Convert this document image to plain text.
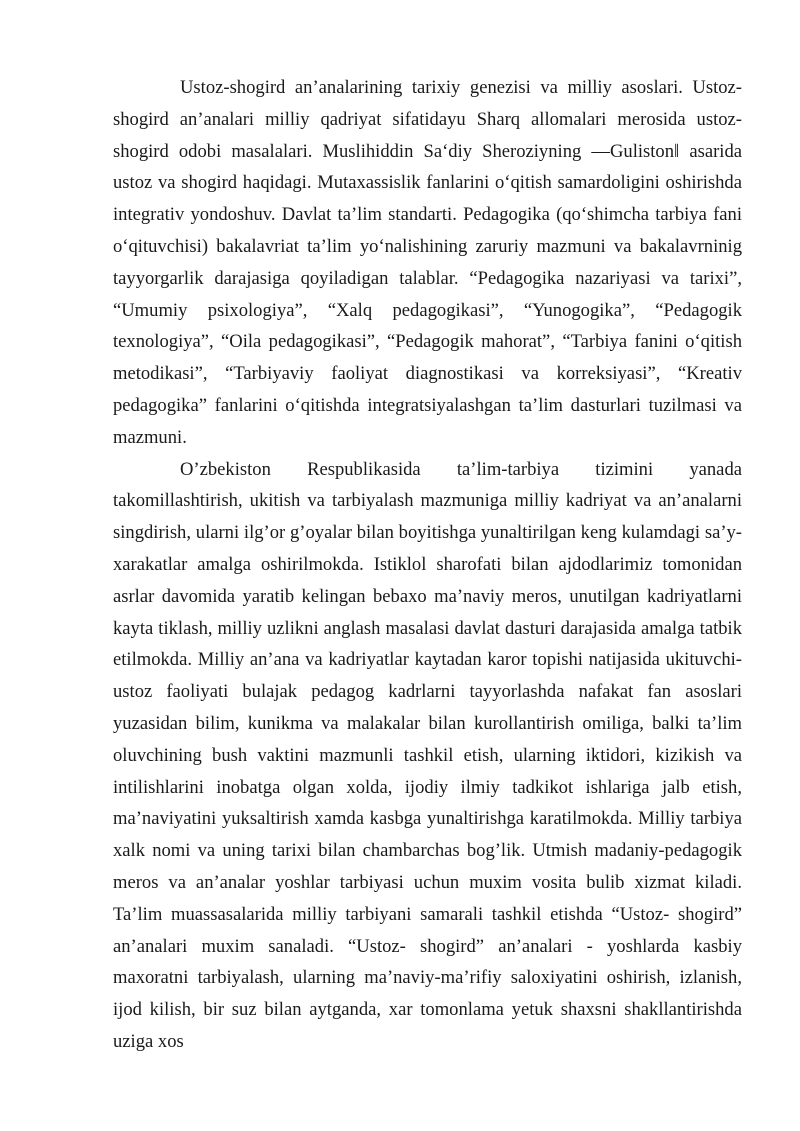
Ustoz-shogird an’analarining tarixiy genezisi va milliy asoslari. Ustoz-shogird an’analari milliy qadriyat sifatidayu Sharq allomalari merosida ustoz-shogird odobi masalalari. Muslihiddin Sa‘diy Sheroziyning ―Guliston‖ asarida ustoz va shogird haqidagi. Mutaxassislik fanlarini o‘qitish samardoligini oshirishda integrativ yondoshuv. Davlat ta’lim standarti. Pedagogika (qo‘shimcha tarbiya fani o‘qituvchisi) bakalavriat ta’lim yo‘nalishining zaruriy mazmuni va bakalavrninig tayyorgarlik darajasiga qoyiladigan talablar. “Pedagogika nazariyasi va tarixi”, “Umumiy psixologiya”, “Xalq pedagogikasi”, “Yunogogika”, “Pedagogik texnologiya”, “Oila pedagogikasi”, “Pedagogik mahorat”, “Tarbiya fanini o‘qitish metodikasi”, “Tarbiyaviy faoliyat diagnostikasi va korreksiyasi”, “Kreativ pedagogika” fanlarini o‘qitishda integratsiyalashgan ta’lim dasturlari tuzilmasi va mazmuni.

O’zbekiston Respublikasida ta’lim-tarbiya tizimini yanada takomillashtirish, ukitish va tarbiyalash mazmuniga milliy kadriyat va an’analarni singdirish, ularni ilg’or g’oyalar bilan boyitishga yunaltirilgan keng kulamdagi sa’y-xarakatlar amalga oshirilmokda. Istiklol sharofati bilan ajdodlarimiz tomonidan asrlar davomida yaratib kelingan bebaxo ma’naviy meros, unutilgan kadriyatlarni kayta tiklash, milliy uzlikni anglash masalasi davlat dasturi darajasida amalga tatbik etilmokda. Milliy an’ana va kadriyatlar kaytadan karor topishi natijasida ukituvchi-ustoz faoliyati bulajak pedagog kadrlarni tayyorlashda nafakat fan asoslari yuzasidan bilim, kunikma va malakalar bilan kurollantirish omiliga, balki ta’lim oluvchining bush vaktini mazmunli tashkil etish, ularning iktidori, kizikish va intilishlarini inobatga olgan xolda, ijodiy ilmiy tadkikot ishlariga jalb etish, ma’naviyatini yuksaltirish xamda kasbga yunaltirishga karatilmokda. Milliy tarbiya xalk nomi va uning tarixi bilan chambarchas bog’lik. Utmish madaniy-pedagogik meros va an’analar yoshlar tarbiyasi uchun muxim vosita bulib xizmat kiladi. Ta’lim muassasalarida milliy tarbiyani samarali tashkil etishda “Ustoz- shogird” an’analari muxim sanaladi. “Ustoz- shogird” an’analari - yoshlarda kasbiy maxoratni tarbiyalash, ularning ma’naviy-ma’rifiy saloxiyatini oshirish, izlanish, ijod kilish, bir suz bilan aytganda, xar tomonlama yetuk shaxsni shakllantirishda uziga xos
